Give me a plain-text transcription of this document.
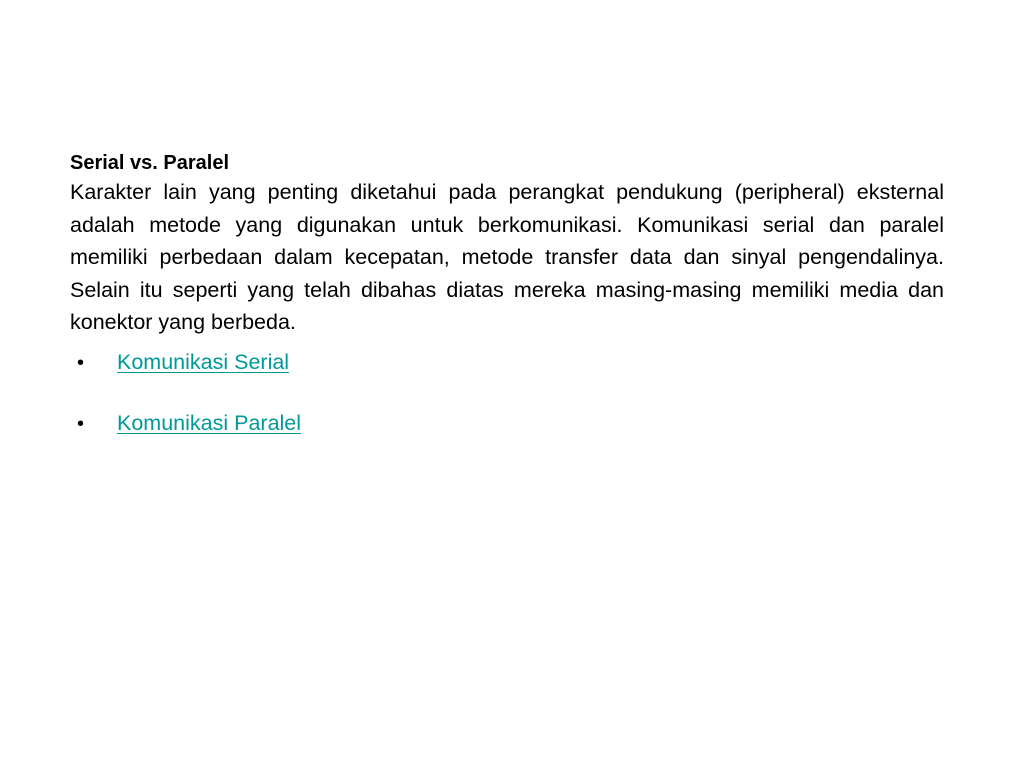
Serial vs. Paralel

Karakter lain yang penting diketahui pada perangkat pendukung (peripheral) eksternal adalah metode yang digunakan untuk berkomunikasi. Komunikasi serial dan paralel memiliki perbedaan dalam kecepatan, metode transfer data dan sinyal pengendalinya. Selain itu seperti yang telah dibahas diatas mereka masing-masing memiliki media dan konektor yang berbeda.

•	Komunikasi Serial
•	Komunikasi Paralel
